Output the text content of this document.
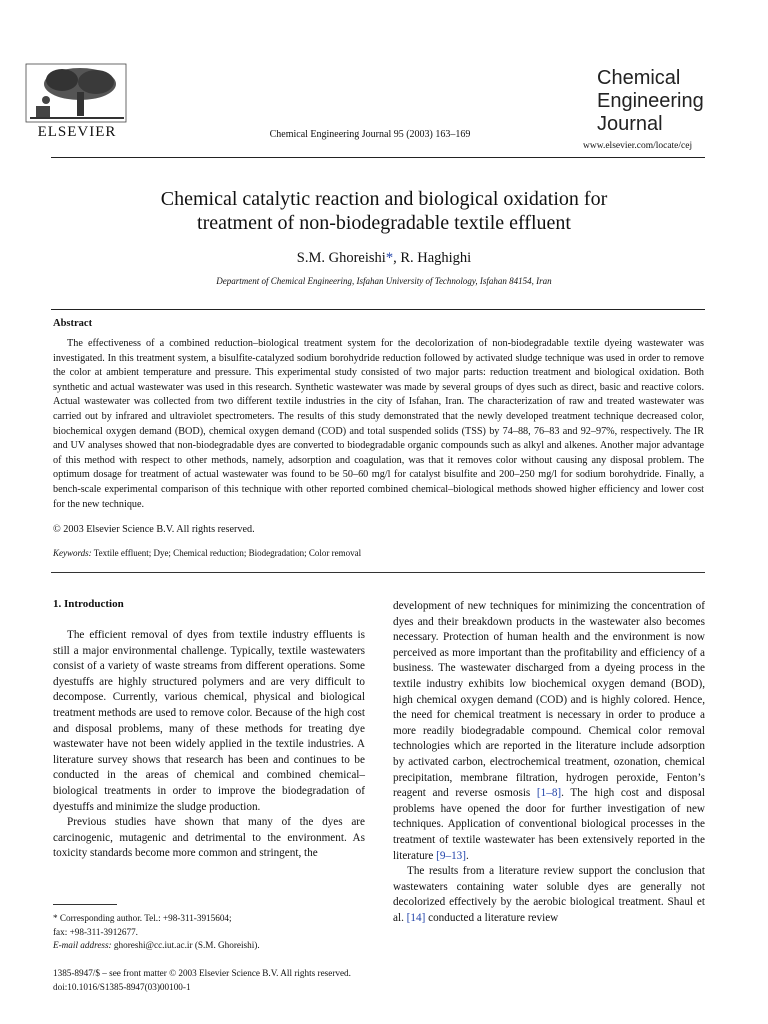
ELSEVIER	Chemical Engineering Journal 95 (2003) 163–169
Chemical
Engineering
Journal
www.elsevier.com/locate/cej
Chemical catalytic reaction and biological oxidation for
treatment of non-biodegradable textile effluent
S.M. Ghoreishi*, R. Haghighi
Department of Chemical Engineering, Isfahan University of Technology, Isfahan 84154, Iran
Abstract
The effectiveness of a combined reduction–biological treatment system for the decolorization of non-biodegradable textile dyeing wastewater was investigated. In this treatment system, a bisulfite-catalyzed sodium borohydride reduction followed by activated sludge technique was used in order to remove the color at ambient temperature and pressure. This experimental study consisted of two major parts: reduction treatment and biological oxidation. Both synthetic and actual wastewater was used in this research. Synthetic wastewater was made by several groups of dyes such as direct, basic and reactive colors. Actual wastewater was collected from two different textile industries in the city of Isfahan, Iran. The characterization of raw and treated wastewater was carried out by infrared and ultraviolet spectrometers. The results of this study demonstrated that the newly developed treatment technique decreased color, biochemical oxygen demand (BOD), chemical oxygen demand (COD) and total suspended solids (TSS) by 74–88, 76–83 and 92–97%, respectively. The IR and UV analyses showed that non-biodegradable dyes are converted to biodegradable organic compounds such as alkyl and alkenes. Another major advantage of this method with respect to other methods, namely, adsorption and coagulation, was that it removes color without causing any disposal problem. The optimum dosage for treatment of actual wastewater was found to be 50–60 mg/l for catalyst bisulfite and 200–250 mg/l for sodium borohydride. Finally, a bench-scale experimental comparison of this technique with other reported combined chemical–biological methods showed higher efficiency and lower cost for the new technique.
© 2003 Elsevier Science B.V. All rights reserved.
Keywords: Textile effluent; Dye; Chemical reduction; Biodegradation; Color removal
1. Introduction

The efficient removal of dyes from textile industry effluents is still a major environmental challenge. Typically, textile wastewaters consist of a variety of waste streams from different operations. Some dyestuffs are highly structured polymers and are very difficult to decompose. Currently, various chemical, physical and biological treatment methods are used to remove color. Because of the high cost and disposal problems, many of these methods for treating dye wastewater have not been widely applied in the textile industries. A literature survey shows that research has been and continues to be conducted in the areas of chemical and combined chemical–biological treatments in order to improve the biodegradation of dyestuffs and minimize the sludge production.

Previous studies have shown that many of the dyes are carcinogenic, mutagenic and detrimental to the environment. As toxicity standards become more common and stringent, the

development of new techniques for minimizing the concentration of dyes and their breakdown products in the wastewater also becomes necessary. Protection of human health and the environment is now perceived as more important than the profitability and efficiency of a business. The wastewater discharged from a dyeing process in the textile industry exhibits low biochemical oxygen demand (BOD), high chemical oxygen demand (COD) and is highly colored. Hence, the need for chemical treatment is necessary in order to produce a more readily biodegradable compound. Chemical color removal technologies which are reported in the literature include adsorption by activated carbon, electrochemical treatment, ozonation, chemical precipitation, membrane filtration, hydrogen peroxide, Fenton’s reagent and reverse osmosis [1–8]. The high cost and disposal problems have opened the door for further investigation of new techniques. Application of conventional biological processes in the treatment of textile wastewater has been extensively reported in the literature [9–13].

The results from a literature review support the conclusion that wastewaters containing water soluble dyes are generally not decolorized effectively by the aerobic biological treatment. Shaul et al. [14] conducted a literature review

* Corresponding author. Tel.: +98-311-3915604;
fax: +98-311-3912677.
E-mail address: ghoreshi@cc.iut.ac.ir (S.M. Ghoreishi).
1385-8947/$ – see front matter © 2003 Elsevier Science B.V. All rights reserved.
doi:10.1016/S1385-8947(03)00100-1
